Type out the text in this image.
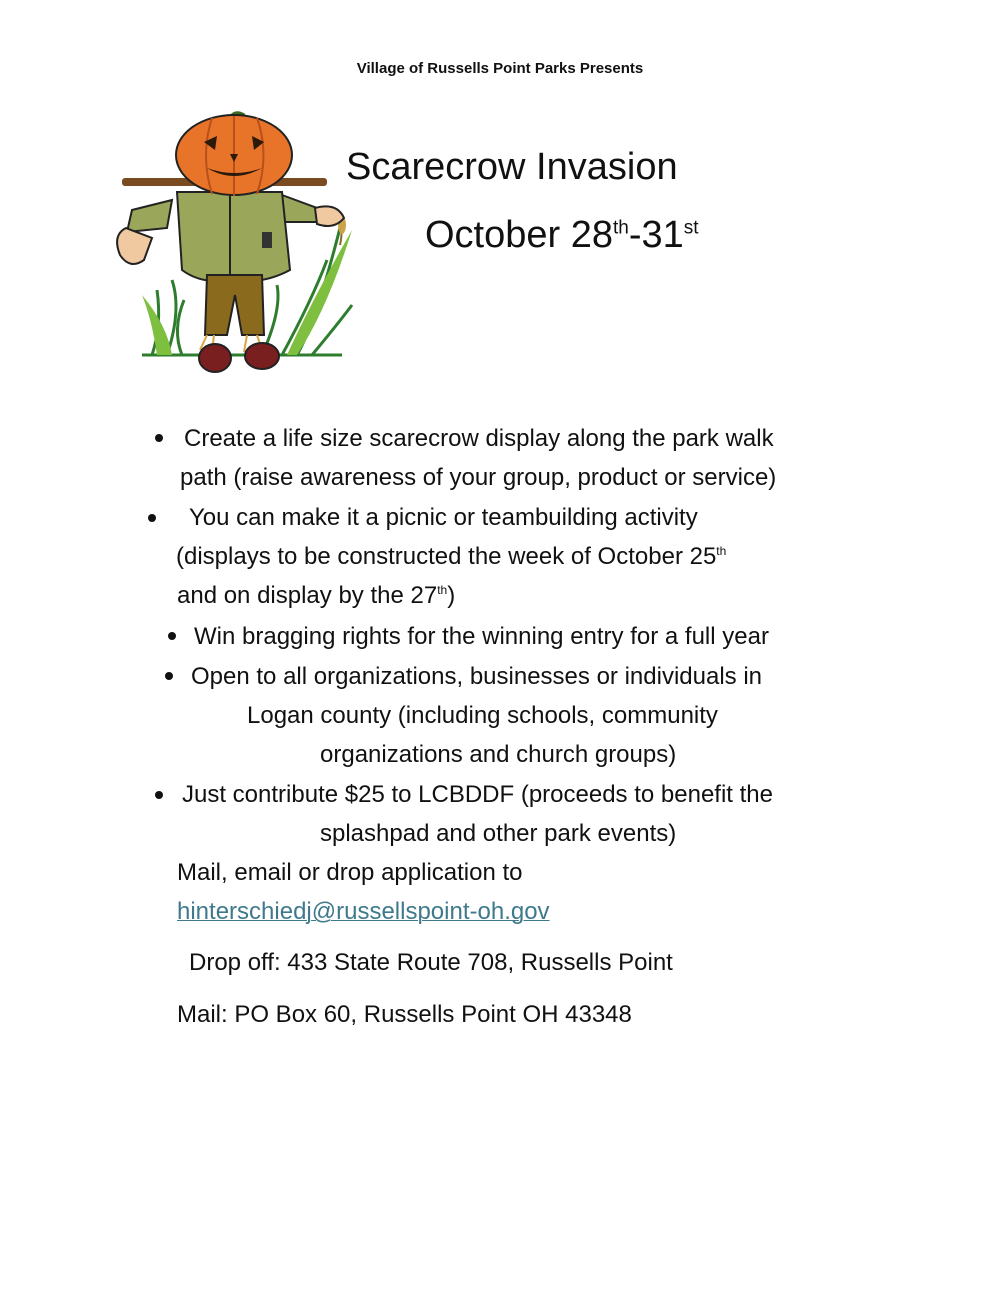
Village of Russells Point Parks Presents
Scarecrow Invasion
October 28th-31st
Create a life size scarecrow display along the park walk
path (raise awareness of your group, product or service)
You can make it a picnic or teambuilding activity
(displays to be constructed the week of October 25th
and on display by the 27th)
Win bragging rights for the winning entry for a full year
Open to all organizations, businesses or individuals in
Logan county (including schools, community
organizations and church groups)
Just contribute $25 to LCBDDF (proceeds to benefit the
splashpad and other park events)
Mail, email or drop application to
hinterschiedj@russellspoint-oh.gov
Drop off: 433 State Route 708, Russells Point
Mail: PO Box 60, Russells Point OH 43348
